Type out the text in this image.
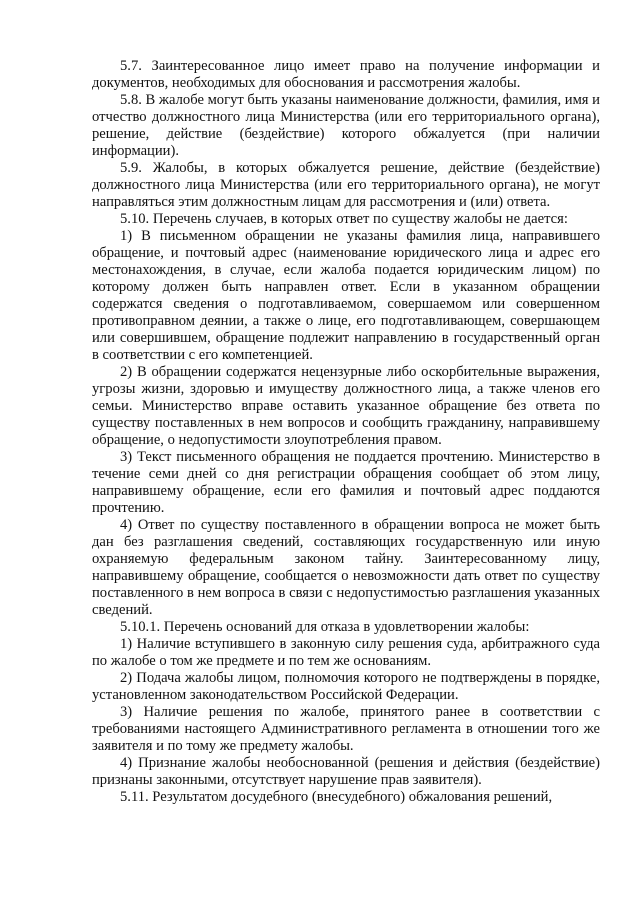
5.7. Заинтересованное лицо имеет право на получение информации и документов, необходимых для обоснования и рассмотрения жалобы.

5.8. В жалобе могут быть указаны наименование должности, фамилия, имя и отчество должностного лица Министерства (или его территориального органа), решение, действие (бездействие) которого обжалуется (при наличии информации).

5.9. Жалобы, в которых обжалуется решение, действие (бездействие) должностного лица Министерства (или его территориального органа), не могут направляться этим должностным лицам для рассмотрения и (или) ответа.

5.10. Перечень случаев, в которых ответ по существу жалобы не дается:

1) В письменном обращении не указаны фамилия лица, направившего обращение, и почтовый адрес (наименование юридического лица и адрес его местонахождения, в случае, если жалоба подается юридическим лицом) по которому должен быть направлен ответ. Если в указанном обращении содержатся сведения о подготавливаемом, совершаемом или совершенном противоправном деянии, а также о лице, его подготавливающем, совершающем или совершившем, обращение подлежит направлению в государственный орган в соответствии с его компетенцией.

2) В обращении содержатся нецензурные либо оскорбительные выражения, угрозы жизни, здоровью и имуществу должностного лица, а также членов его семьи. Министерство вправе оставить указанное обращение без ответа по существу поставленных в нем вопросов и сообщить гражданину, направившему обращение, о недопустимости злоупотребления правом.

3) Текст письменного обращения не поддается прочтению. Министерство в течение семи дней со дня регистрации обращения сообщает об этом лицу, направившему обращение, если его фамилия и почтовый адрес поддаются прочтению.

4) Ответ по существу поставленного в обращении вопроса не может быть дан без разглашения сведений, составляющих государственную или иную охраняемую федеральным законом тайну. Заинтересованному лицу, направившему обращение, сообщается о невозможности дать ответ по существу поставленного в нем вопроса в связи с недопустимостью разглашения указанных сведений.

5.10.1. Перечень оснований для отказа в удовлетворении жалобы:

1) Наличие вступившего в законную силу решения суда, арбитражного суда по жалобе о том же предмете и по тем же основаниям.

2) Подача жалобы лицом, полномочия которого не подтверждены в порядке, установленном законодательством Российской Федерации.

3) Наличие решения по жалобе, принятого ранее в соответствии с требованиями настоящего Административного регламента в отношении того же заявителя и по тому же предмету жалобы.

4) Признание жалобы необоснованной (решения и действия (бездействие) признаны законными, отсутствует нарушение прав заявителя).

5.11. Результатом досудебного (внесудебного) обжалования решений,
